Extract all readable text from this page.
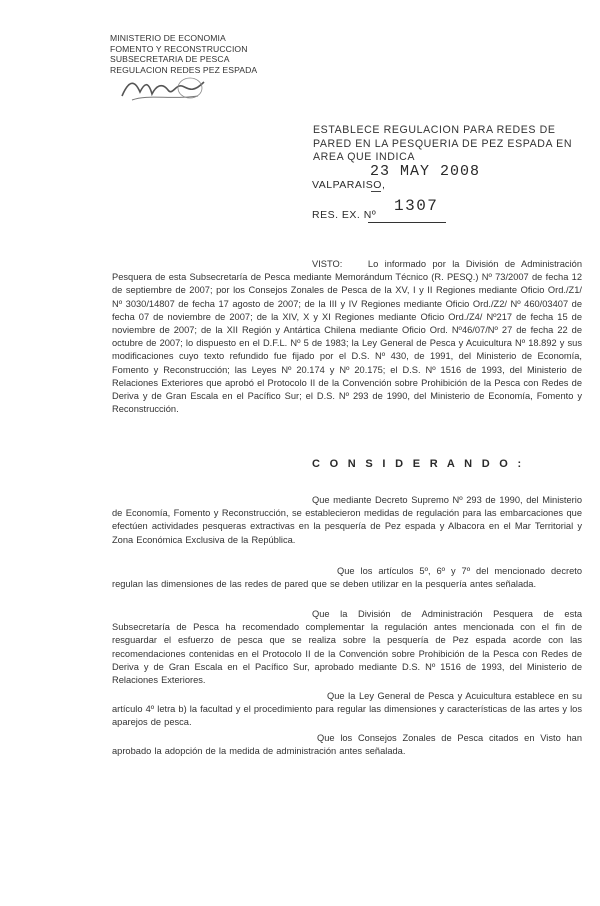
MINISTERIO DE ECONOMIA
FOMENTO Y RECONSTRUCCION
SUBSECRETARIA DE PESCA
REGULACION REDES PEZ ESPADA
ESTABLECE REGULACION PARA REDES DE PARED EN LA PESQUERIA DE PEZ ESPADA EN AREA QUE INDICA
23 MAY 2008
VALPARAISO,
1307
RES. EX. Nº
VISTO:	Lo informado por la División de Administración Pesquera de esta Subsecretaría de Pesca mediante Memorándum Técnico (R. PESQ.) Nº 73/2007 de fecha 12 de septiembre de 2007; por los Consejos Zonales de Pesca de la XV, I y II Regiones mediante Oficio Ord./Z1/ Nº 3030/14807 de fecha 17 agosto de 2007; de la III y IV Regiones mediante Oficio Ord./Z2/ Nº 460/03407 de fecha 07 de noviembre de 2007; de la XIV, X y XI Regiones mediante Oficio Ord./Z4/ Nº217 de fecha 15 de noviembre de 2007; de la XII Región y Antártica Chilena mediante Oficio Ord. Nº46/07/Nº 27 de fecha 22 de octubre de 2007; lo dispuesto en el D.F.L. Nº 5 de 1983; la Ley General de Pesca y Acuicultura Nº 18.892 y sus modificaciones cuyo texto refundido fue fijado por el D.S. Nº 430, de 1991, del Ministerio de Economía, Fomento y Reconstrucción; las Leyes Nº 20.174 y Nº 20.175; el D.S. Nº 1516 de 1993, del Ministerio de Relaciones Exteriores que aprobó el Protocolo II de la Convención sobre Prohibición de la Pesca con Redes de Deriva y de Gran Escala en el Pacífico Sur; el D.S. Nº 293 de 1990, del Ministerio de Economía, Fomento y Reconstrucción.
C O N S I D E R A N D O :
Que mediante Decreto Supremo Nº 293 de 1990, del Ministerio de Economía, Fomento y Reconstrucción, se establecieron medidas de regulación para las embarcaciones que efectúen actividades pesqueras extractivas en la pesquería de Pez espada y Albacora en el Mar Territorial y Zona Económica Exclusiva de la República.
Que los artículos 5º, 6º y 7º del mencionado decreto regulan las dimensiones de las redes de pared que se deben utilizar en la pesquería antes señalada.
Que la División de Administración Pesquera de esta Subsecretaría de Pesca ha recomendado complementar la regulación antes mencionada con el fin de resguardar el esfuerzo de pesca que se realiza sobre la pesquería de Pez espada acorde con las recomendaciones contenidas en el Protocolo II de la Convención sobre Prohibición de la Pesca con Redes de Deriva y de Gran Escala en el Pacífico Sur, aprobado mediante D.S. Nº 1516 de 1993, del Ministerio de Relaciones Exteriores.
Que la Ley General de Pesca y Acuicultura establece en su artículo 4º letra b) la facultad y el procedimiento para regular las dimensiones y características de las artes y los aparejos de pesca.
Que los Consejos Zonales de Pesca citados en Visto han aprobado la adopción de la medida de administración antes señalada.
